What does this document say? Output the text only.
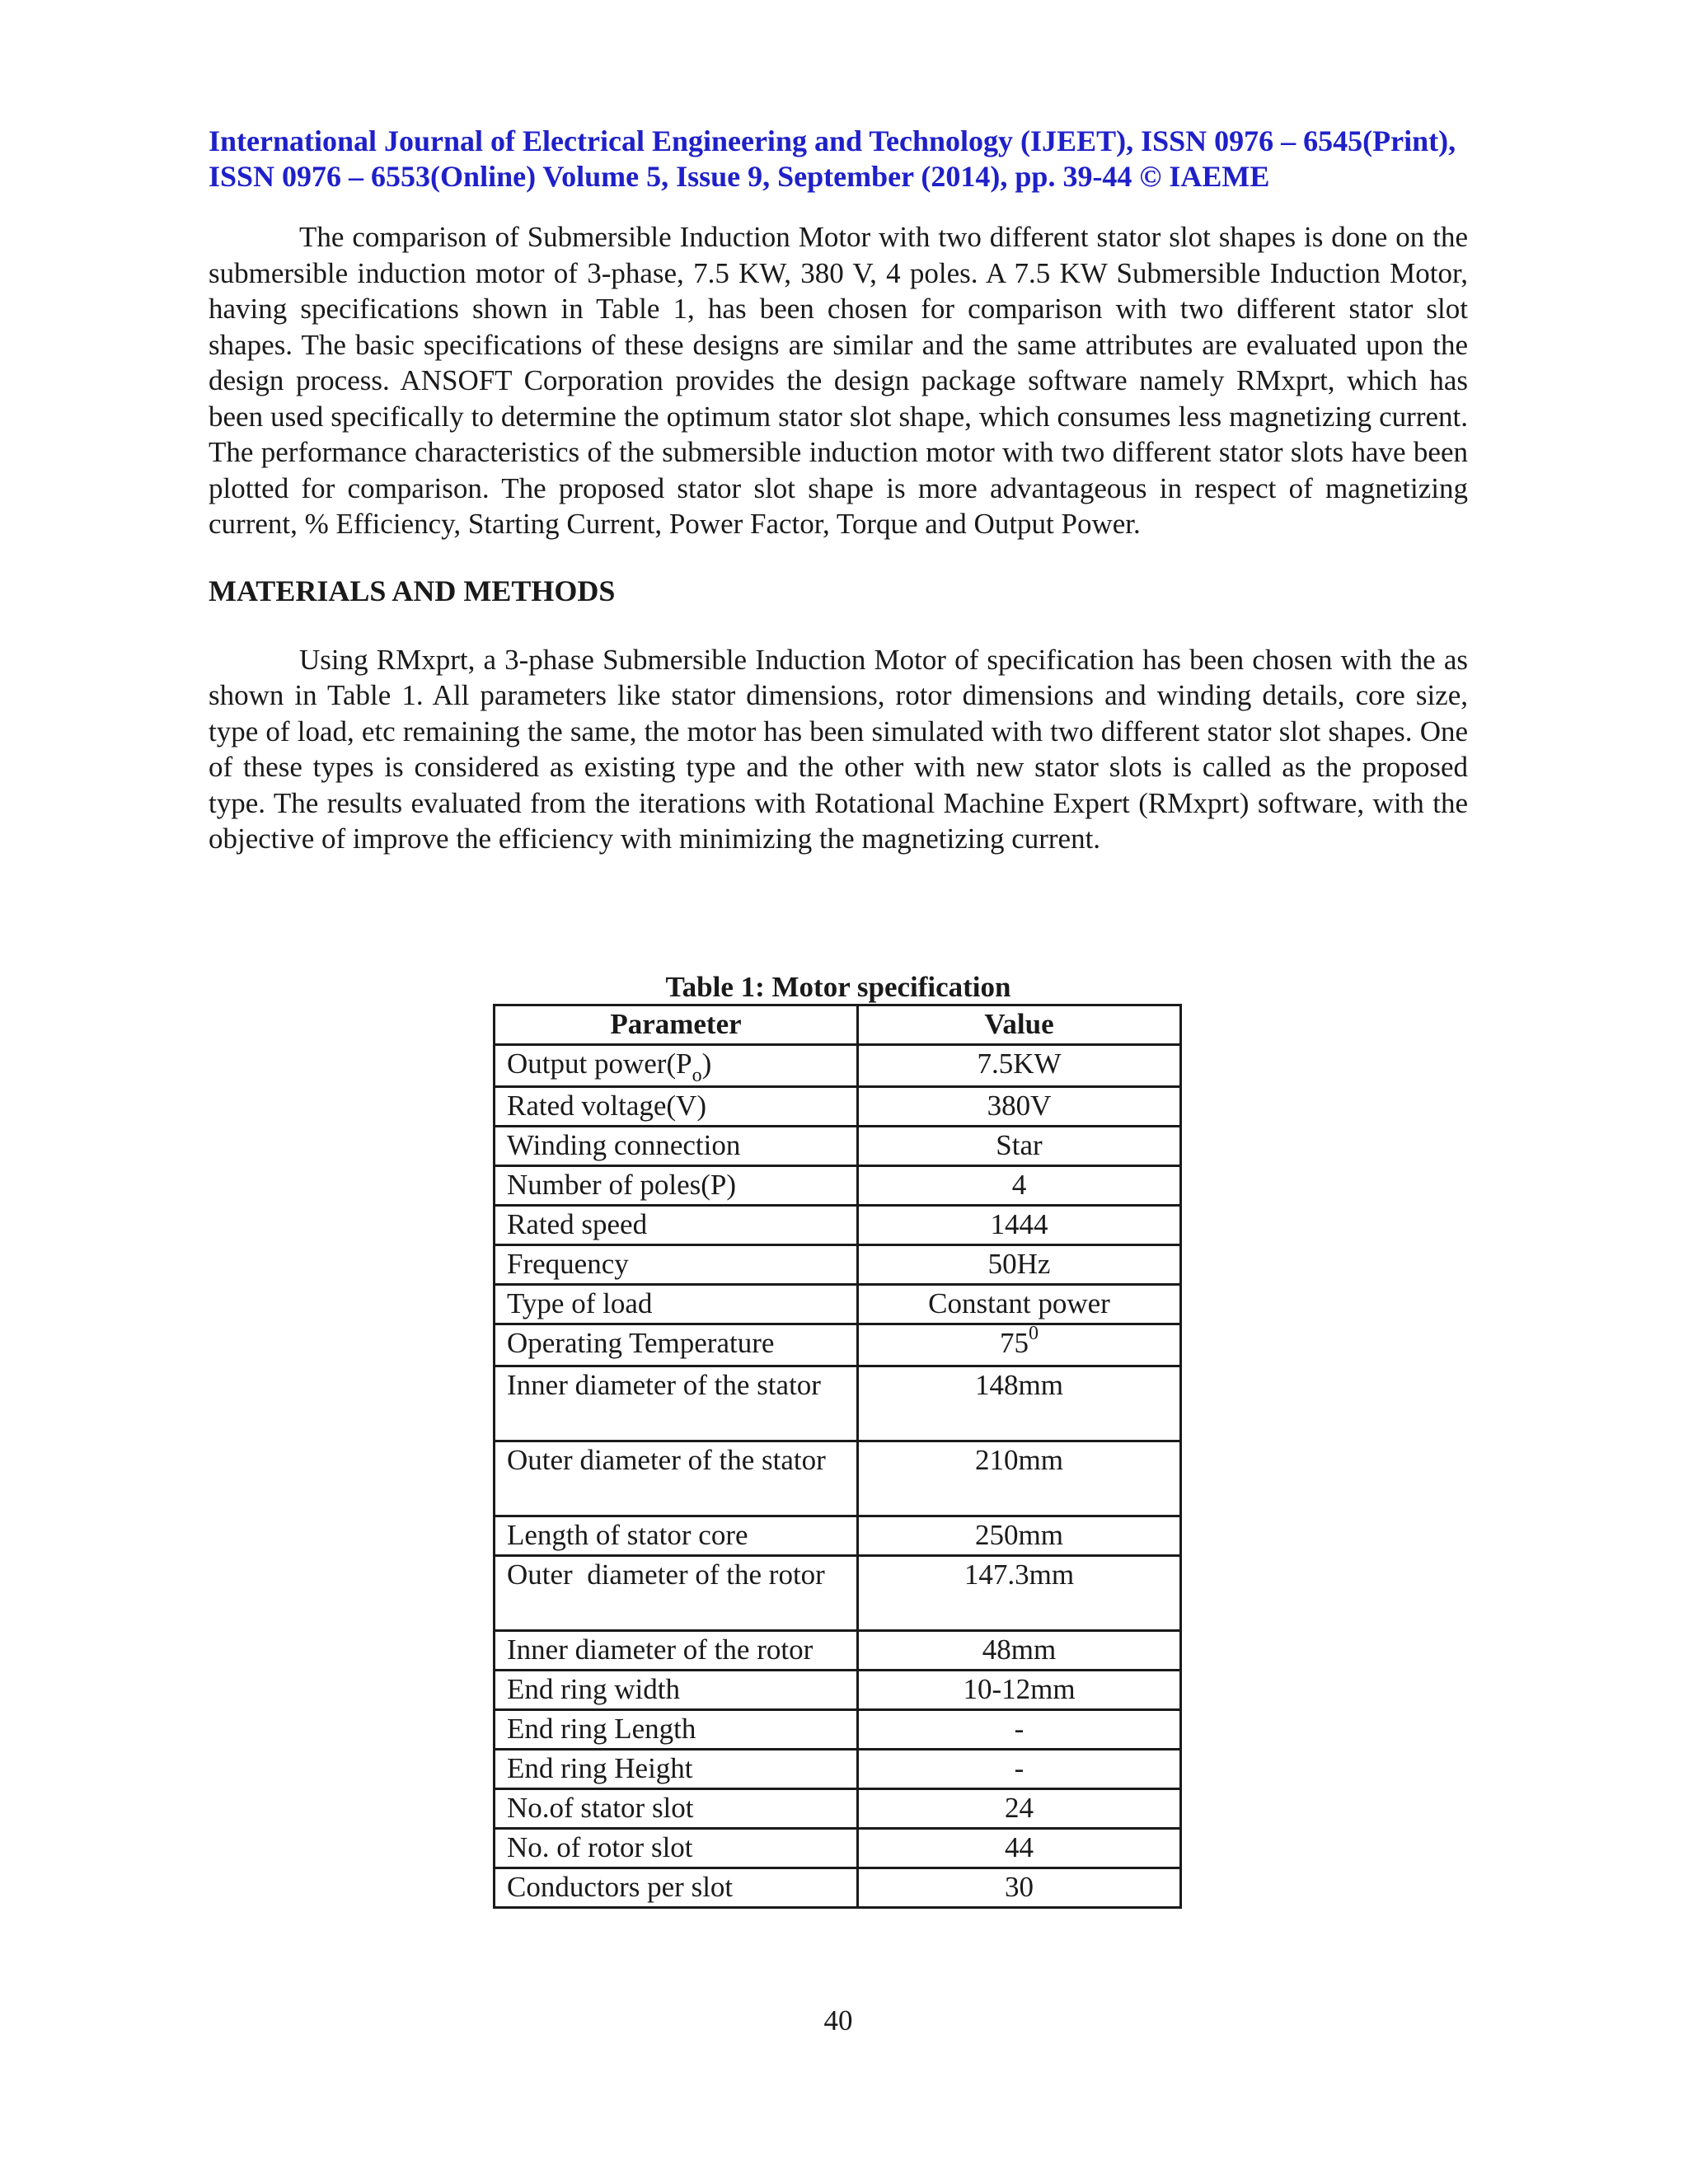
International Journal of Electrical Engineering and Technology (IJEET), ISSN 0976 – 6545(Print),
ISSN 0976 – 6553(Online) Volume 5, Issue 9, September (2014), pp. 39-44 © IAEME

The comparison of Submersible Induction Motor with two different stator slot shapes is done on the submersible induction motor of 3-phase, 7.5 KW, 380 V, 4 poles. A 7.5 KW Submersible Induction Motor, having specifications shown in Table 1, has been chosen for comparison with two different stator slot shapes. The basic specifications of these designs are similar and the same attributes are evaluated upon the design process. ANSOFT Corporation provides the design package software namely RMxprt, which has been used specifically to determine the optimum stator slot shape, which consumes less magnetizing current. The performance characteristics of the submersible induction motor with two different stator slots have been plotted for comparison. The proposed stator slot shape is more advantageous in respect of magnetizing current, % Efficiency, Starting Current, Power Factor, Torque and Output Power.

MATERIALS AND METHODS

Using RMxprt, a 3-phase Submersible Induction Motor of specification has been chosen with the as shown in Table 1. All parameters like stator dimensions, rotor dimensions and winding details, core size, type of load, etc remaining the same, the motor has been simulated with two different stator slot shapes. One of these types is considered as existing type and the other with new stator slots is called as the proposed type. The results evaluated from the iterations with Rotational Machine Expert (RMxprt) software, with the objective of improve the efficiency with minimizing the magnetizing current.

Table 1: Motor specification
Parameter	Value
Output $power(P_o)$	7.5KW
Rated voltage(V)	380V
Winding connection	Star
Number of poles(P)	4
Rated speed	1444
Frequency	50Hz
Type of load	Constant power
Operating Temperature	$75^0$
Inner diameter of the stator	148mm
Outer diameter of the stator	210mm
Length of stator core	250mm
Outer  diameter of the rotor	147.3mm
Inner diameter of the rotor	48mm
End ring width	10-12mm
End ring Length	-
End ring Height	-
No.of stator slot	24
No. of rotor slot	44
Conductors per slot	30
40
